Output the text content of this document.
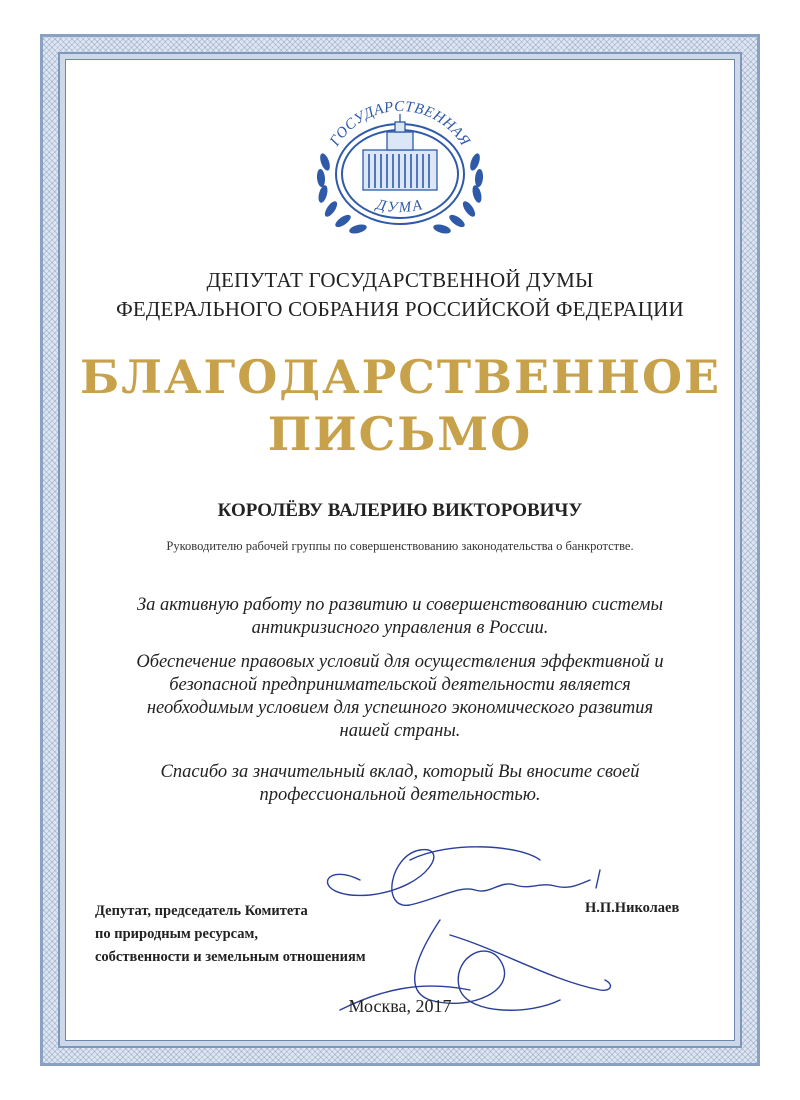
ГОСУДАРСТВЕННАЯ
ДУМА
ДЕПУТАТ ГОСУДАРСТВЕННОЙ ДУМЫ
ФЕДЕРАЛЬНОГО СОБРАНИЯ РОССИЙСКОЙ ФЕДЕРАЦИИ
БЛАГОДАРСТВЕННОЕ
ПИСЬМО
КОРОЛЁВУ ВАЛЕРИЮ ВИКТОРОВИЧУ
Руководителю рабочей группы по совершенствованию законодательства о банкротстве.
За активную работу по развитию и совершенствованию системы
антикризисного управления в России.
Обеспечение правовых условий для осуществления эффективной и
безопасной предпринимательской деятельности является
необходимым условием для успешного экономического развития
нашей страны.
Спасибо за значительный вклад, который Вы вносите своей
профессиональной деятельностью.
Депутат, председатель Комитета
по природным ресурсам,
собственности и земельным отношениям
Н.П.Николаев
Москва, 2017
